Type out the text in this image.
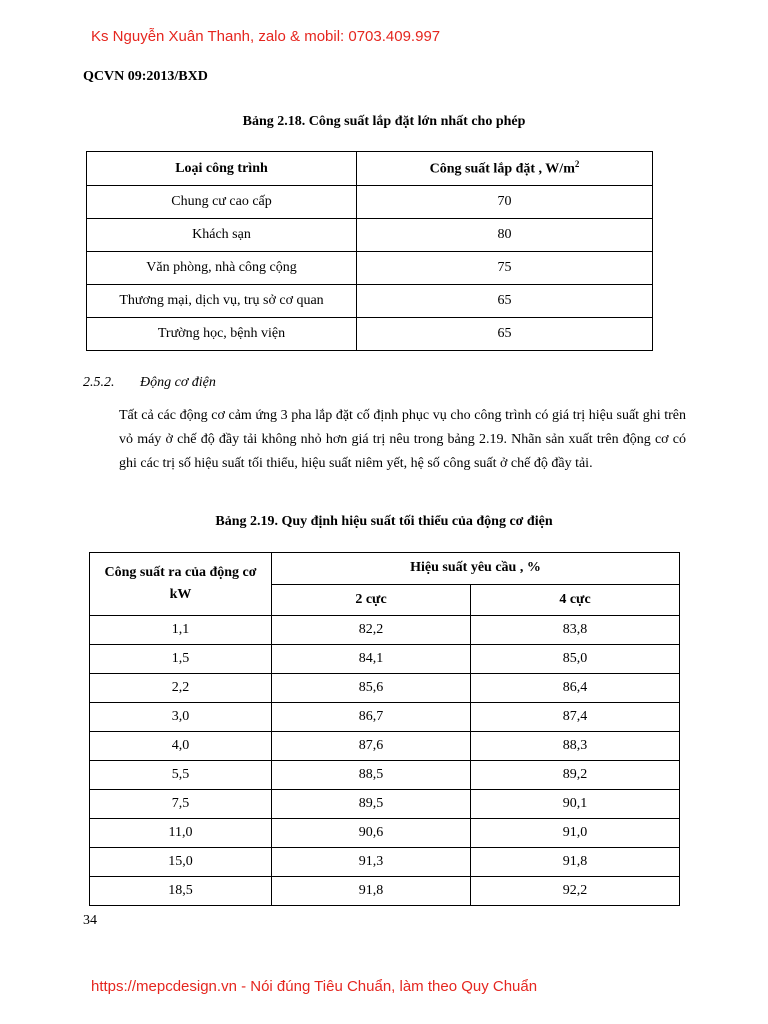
Ks Nguyễn Xuân Thanh, zalo & mobil: 0703.409.997
QCVN 09:2013/BXD
Bảng 2.18. Công suất lắp đặt lớn nhất cho phép
Loại công trình	Công suất lắp đặt , $W/m^2$
Chung cư cao cấp	70
Khách sạn	80
Văn phòng, nhà công cộng	75
Thương mại, dịch vụ, trụ sở cơ quan	65
Trường học, bệnh viện	65
2.5.2. Động cơ điện
Tất cả các động cơ cảm ứng 3 pha lắp đặt cố định phục vụ cho công trình có giá trị hiệu suất ghi trên vỏ máy ở chế độ đầy tải không nhỏ hơn giá trị nêu trong bảng 2.19. Nhãn sản xuất trên động cơ có ghi các trị số hiệu suất tối thiểu, hiệu suất niêm yết, hệ số công suất ở chế độ đầy tải.
Bảng 2.19. Quy định hiệu suất tối thiểu của động cơ điện
Công suất ra của động cơ
kW	Hiệu suất yêu cầu , %	
	2 cực	4 cực
1,1	82,2	83,8
1,5	84,1	85,0
2,2	85,6	86,4
3,0	86,7	87,4
4,0	87,6	88,3
5,5	88,5	89,2
7,5	89,5	90,1
11,0	90,6	91,0
15,0	91,3	91,8
18,5	91,8	92,2
34
https://mepcdesign.vn - Nói đúng Tiêu Chuẩn, làm theo Quy Chuẩn
